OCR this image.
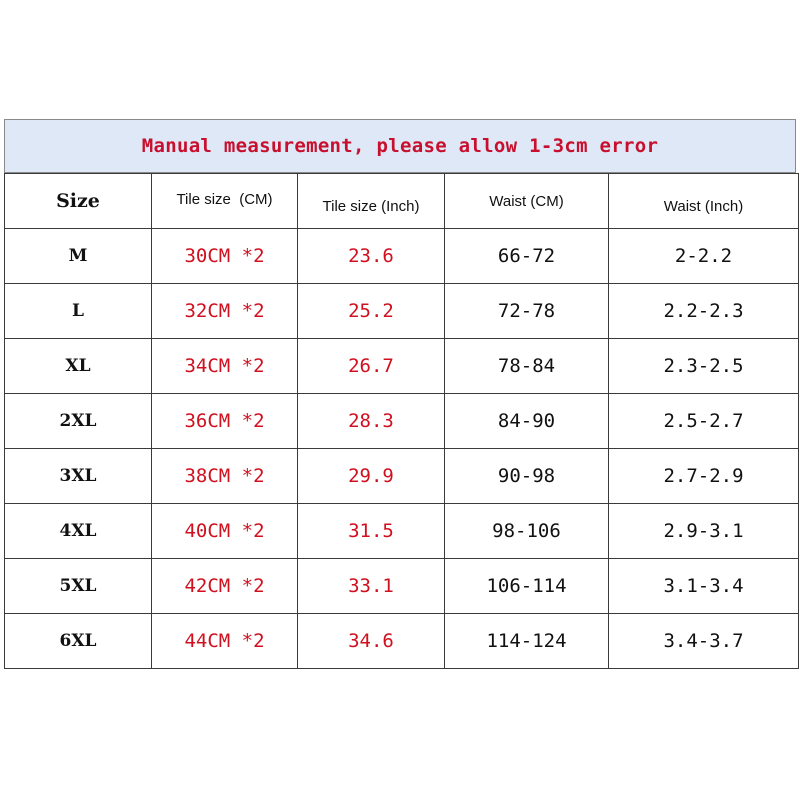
Manual measurement, please allow 1-3cm error
Size	Tile size  (CM)	Tile size (Inch)	Waist (CM)	Waist (Inch)
M	30CM *2	23.6	66-72	2-2.2
L	32CM *2	25.2	72-78	2.2-2.3
XL	34CM *2	26.7	78-84	2.3-2.5
2XL	36CM *2	28.3	84-90	2.5-2.7
3XL	38CM *2	29.9	90-98	2.7-2.9
4XL	40CM *2	31.5	98-106	2.9-3.1
5XL	42CM *2	33.1	106-114	3.1-3.4
6XL	44CM *2	34.6	114-124	3.4-3.7
